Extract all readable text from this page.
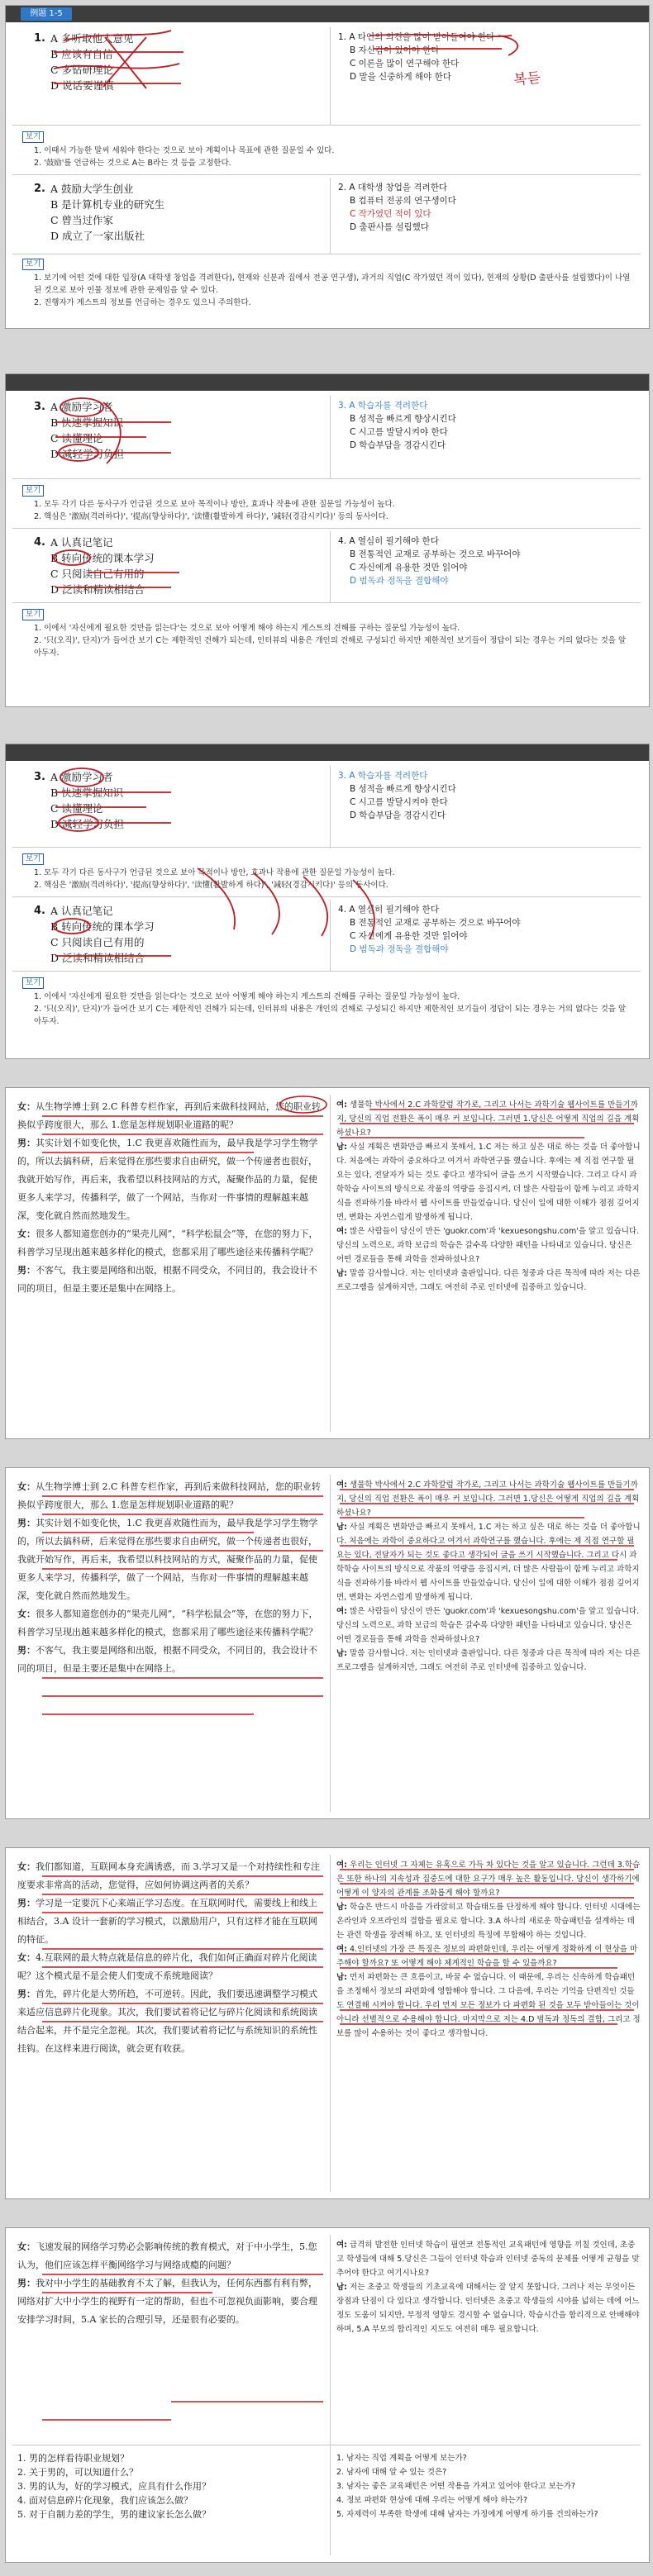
例题 1-5
1. A 多听取他人意见
B 应该有自信
C 多钻研理论
D 说话要谨慎
1. A 타인의 의견을 많이 받아들여야 한다
B 자신감이 있어야 한다
C 이론을 많이 연구해야 한다
D 말을 신중하게 해야 한다	복듣
보기
1. 이때서 가능한 말씨 세워야 한다는 것으로 보아 계획이나 목표에 관한 질문일 수 있다.
2. '鼓励'를 언급하는 것으로 A는 B라는 것 등을 고정한다.
2. A 鼓励大学生创业
B 是计算机专业的研究生
C 曾当过作家
D 成立了一家出版社
2. A 대학생 창업을 격려한다
B 컴퓨터 전공의 연구생이다
C 작가였던 적이 있다
D 출판사를 설립했다
보기
1. 보기에 어떤 것에 대한 입장(A 대학생 창업을 격려한다), 현재와 신분과 집에서 전공 연구생), 과거의 직업(C 작가였던 적이 있다), 현재의 상황(D 출판사를 설립했다)이 나열된 것으로 보아 인물 정보에 관한 문제임을 알 수 있다.
2. 진행자가 게스트의 정보를 언급하는 경우도 있으니 주의한다.
3. A 激励学习者
B 快速掌握知识
C 读懂理论
D 减轻学习负担
3. A 학습자를 격려한다
B 성적을 빠르게 향상시킨다
C 시고를 발달시켜야 한다
D 학습부담을 경감시킨다
보기
1. 모두 각기 다른 동사구가 언급된 것으로 보아 목적이나 방안, 효과나 작용에 관한 질문일 가능성이 높다.
2. 핵심은 '激励(격려하다)', '提高(향상하다)', '读懂(활발하게 하다)', '减轻(경감시키다)' 등의 동사이다.
4. A 认真记笔记
B 转向传统的课本学习
C 只阅读自己有用的
D 泛读和精读相结合
4. A 열심히 필기해야 한다
B 전통적인 교재로 공부하는 것으로 바꾸어야
C 자신에게 유용한 것만 읽어야
D 범독과 정독을 결합해야
보기
1. 이에서 '자신에게 필요한 것만을 읽는다'는 것으로 보아 어떻게 해야 하는지 게스트의 견해를 구하는 질문일 가능성이 높다.
2. '只(오직)', 단지)'가 들어간 보기 C는 제한적인 견해가 되는데, 인터뷰의 내용은 개인의 견해로 구성되긴 하지만 제한적인 보기들이 정답이 되는 경우는 거의 없다는 것을 알아두자.
3. A 激励学习者
B 快速掌握知识
C 读懂理论
D 减轻学习负担
3. A 학습자를 격려한다
B 성적을 빠르게 향상시킨다
C 시고를 발달시켜야 한다
D 학습부담을 경감시킨다
보기
1. 모두 각기 다른 동사구가 언급된 것으로 보아 목적이나 방안, 효과나 작용에 관한 질문일 가능성이 높다.
2. 핵심은 '激励(격려하다)', '提高(향상하다)', '读懂(활발하게 하다)', '减轻(경감시키다)' 등의 동사이다.
4. A 认真记笔记
B 转向传统的课本学习
C 只阅读自己有用的
D 泛读和精读相结合
4. A 열심히 필기해야 한다
B 전통적인 교재로 공부하는 것으로 바꾸어야
C 자신에게 유용한 것만 읽어야
D 범독과 정독을 결합해야
보기
1. 이에서 '자신에게 필요한 것만을 읽는다'는 것으로 보아 어떻게 해야 하는지 게스트의 견해를 구하는 질문일 가능성이 높다.
2. '只(오직)', 단지)'가 들어간 보기 C는 제한적인 견해가 되는데, 인터뷰의 내용은 개인의 견해로 구성되긴 하지만 제한적인 보기들이 정답이 되는 경우는 거의 없다는 것을 알아두자.

女：从生物学博士到 2.C 科普专栏作家，再到后来做科技网站，您的职业转换似乎跨度很大，那么 1.您是怎样规划职业道路的呢？

男：其实计划不如变化快，1.C 我更喜欢随性而为，最早我是学习学生物学的，所以去搞科研，后来觉得在那些要求自由研究，做一个传递者也很好，我就开始写作，再后来，我希望以科技网站的方式，凝聚作品的力量，促使更多人来学习，传播科学，做了一个网站，当你对一件事情的理解越来越深，变化就自然而然地发生。

女：很多人都知道您创办的“果壳儿网”，“科学松鼠会”等，在您的努力下，科普学习呈现出越来越多样化的模式，您都采用了哪些途径来传播科学呢？

男：不客气，我主要是网络和出版，根据不同受众，不同目的，我会设计不同的项目，但是主要还是集中在网络上。

여: 생물학 박사에서 2.C 과학칼럼 작가로, 그리고 나서는 과학기술 웹사이트를 만들기까지, 당신의 직업 전환은 폭이 매우 커 보입니다. 그러면 1.당신은 어떻게 직업의 길을 계획하셨나요?

남: 사실 계획은 변화만큼 빠르지 못해서, 1.C 저는 하고 싶은 대로 하는 것을 더 좋아합니다. 처음에는 과학이 중요하다고 여겨서 과학연구를 했습니다. 후에는 제 직접 연구할 필요는 있다, 전달자가 되는 것도 좋다고 생각되어 글을 쓰기 시작했습니다. 그리고 다시 과학학습 사이트의 방식으로 작품의 역량을 응집시켜, 더 많은 사람들이 함께 누리고 과학지식을 전파하기를 바라서 웹 사이트를 만들었습니다. 당신이 일에 대한 이해가 점점 깊어지면, 변화는 자연스럽게 발생하게 됩니다.

여: 많은 사람들이 당신이 만든 'guokr.com'과 'kexuesongshu.com'을 알고 있습니다. 당신의 노력으로, 과학 보급의 학습은 갈수록 다양한 패턴을 나타내고 있습니다. 당신은 어떤 경로들을 통해 과학을 전파하셨나요?

남: 말씀 감사합니다. 저는 인터넷과 출판입니다. 다른 청중과 다른 목적에 따라 저는 다른 프로그램을 설계하지만, 그래도 여전히 주로 인터넷에 집중하고 있습니다.

女：从生物学博士到 2.C 科普专栏作家，再到后来做科技网站，您的职业转换似乎跨度很大，那么 1.您是怎样规划职业道路的呢？

男：其实计划不如变化快，1.C 我更喜欢随性而为，最早我是学习学生物学的，所以去搞科研，后来觉得在那些要求自由研究，做一个传递者也很好，我就开始写作，再后来，我希望以科技网站的方式，凝聚作品的力量，促使更多人来学习，传播科学，做了一个网站，当你对一件事情的理解越来越深，变化就自然而然地发生。

女：很多人都知道您创办的“果壳儿网”，“科学松鼠会”等，在您的努力下，科普学习呈现出越来越多样化的模式，您都采用了哪些途径来传播科学呢？

男：不客气，我主要是网络和出版，根据不同受众，不同目的，我会设计不同的项目，但是主要还是集中在网络上。

여: 생물학 박사에서 2.C 과학칼럼 작가로, 그리고 나서는 과학기술 웹사이트를 만들기까지, 당신의 직업 전환은 폭이 매우 커 보입니다. 그러면 1.당신은 어떻게 직업의 길을 계획하셨나요?

남: 사실 계획은 변화만큼 빠르지 못해서, 1.C 저는 하고 싶은 대로 하는 것을 더 좋아합니다. 처음에는 과학이 중요하다고 여겨서 과학연구를 했습니다. 후에는 제 직접 연구할 필요는 있다, 전달자가 되는 것도 좋다고 생각되어 글을 쓰기 시작했습니다. 그리고 다시 과학학습 사이트의 방식으로 작품의 역량을 응집시켜, 더 많은 사람들이 함께 누리고 과학지식을 전파하기를 바라서 웹 사이트를 만들었습니다. 당신이 일에 대한 이해가 점점 깊어지면, 변화는 자연스럽게 발생하게 됩니다.

여: 많은 사람들이 당신이 만든 'guokr.com'과 'kexuesongshu.com'을 알고 있습니다. 당신의 노력으로, 과학 보급의 학습은 갈수록 다양한 패턴을 나타내고 있습니다. 당신은 어떤 경로들을 통해 과학을 전파하셨나요?

남: 말씀 감사합니다. 저는 인터넷과 출판입니다. 다른 청중과 다른 목적에 따라 저는 다른 프로그램을 설계하지만, 그래도 여전히 주로 인터넷에 집중하고 있습니다.

女：我们都知道，互联网本身充满诱惑，而 3.学习又是一个对持续性和专注度要求非常高的活动，您觉得，应如何协调这两者的关系？

男：学习是一定要沉下心来端正学习态度。在互联网时代，需要线上和线上相结合，3.A 设计一套新的学习模式，以激励用户，只有这样才能在互联网的特征。

女：4.互联网的最大特点就是信息的碎片化，我们如何正确面对碎片化阅读呢？这个模式是不是会使人们变成不系统地阅读？

男：首先，碎片化是大势所趋，不可逆转。因此，我们要迅速调整学习模式来适应信息碎片化现象。其次，我们要试着将记忆与碎片化阅读和系统阅读结合起来，并不是完全忽视。其次，我们要试着将记忆与系统知识的系统性挂钩。在这样来进行阅读，就会更有收获。

여: 우리는 인터넷 그 자체는 유혹으로 가득 차 있다는 것을 알고 있습니다. 그런데 3.학습은 또한 하나의 지속성과 집중도에 대한 요구가 매우 높은 활동입니다. 당신이 생각하기에 어떻게 이 양자의 관계를 조화롭게 해야 할까요?

남: 학습은 반드시 마음을 가라앉히고 학습태도를 단정하게 해야 합니다. 인터넷 시대에는 온라인과 오프라인의 결합을 필요로 합니다. 3.A 하나의 새로운 학습패턴을 설계하는 데는 관련 학생을 장려해 하고, 또 인터넷의 특징에 부합해야 하는 것입니다.

여: 4.인터넷의 가장 큰 특징은 정보의 파편화인데, 우리는 어떻게 정확하게 이 현상을 마주해야 할까요? 또 어떻게 해야 체계적인 학습을 할 수 있을까요?

남: 먼저 파편화는 큰 흐름이고, 바꿀 수 없습니다. 이 때문에, 우리는 신속하게 학습패턴을 조정해서 정보의 파편화에 영합해야 합니다. 그 다음에, 우리는 기억을 단편적인 것들 도 연결해 시켜야 합니다. 우리 먼저 모든 정보가 다 파편화 된 것을 모두 받아들이는 것이 아니라 선별적으로 수용해야 합니다. 마지막으로 저는 4.D 범독과 정독의 결합, 그리고 정보를 많이 수용하는 것이 좋다고 생각합니다.

女：飞速发展的网络学习势必会影响传统的教育模式，对于中小学生，5.您认为，他们应该怎样平衡网络学习与网络成瘾的问题？

男：我对中小学生的基础教育不太了解，但我认为，任何东西都有利有弊，网络对扩大中小学生的视野有一定的帮助，但也不可忽视负面影响，要合理安排学习时间，5.A 家长的合理引导，还是很有必要的。

여: 급격히 발전한 인터넷 학습이 필연코 전통적인 교육패턴에 영향을 끼칠 것인데, 초중고 학생들에 대해 5.당신은 그들이 인터넷 학습과 인터넷 중독의 문제를 어떻게 균형을 맞추어야 한다고 여기시나요?

남: 저는 초중고 학생들의 기초교육에 대해서는 잘 알지 못합니다. 그러나 저는 무엇이든 장점과 단점이 다 있다고 생각합니다. 인터넷은 초중고 학생들의 시야를 넓히는 데에 어느 정도 도움이 되지만, 부정적 영향도 경시할 수 없습니다. 학습시간을 합리적으로 안배해야 하며, 5.A 부모의 합리적인 지도도 여전히 매우 필요합니다.

1. 男的怎样看待职业规划？

2. 关于男的，可以知道什么？

3. 男的认为，好的学习模式，应具有什么作用？

4. 面对信息碎片化现象，我们应该怎么做？

5. 对于自制力差的学生，男的建议家长怎么做？

1. 남자는 직업 계획을 어떻게 보는가?

2. 남자에 대해 알 수 있는 것은?

3. 남자는 좋은 교육패턴은 어떤 작용을 가져고 있어야 한다고 보는가?

4. 정보 파편화 현상에 대해 우리는 어떻게 해야 하는가?

5. 자제력이 부족한 학생에 대해 남자는 가정에게 어떻게 하기를 건의하는가?
